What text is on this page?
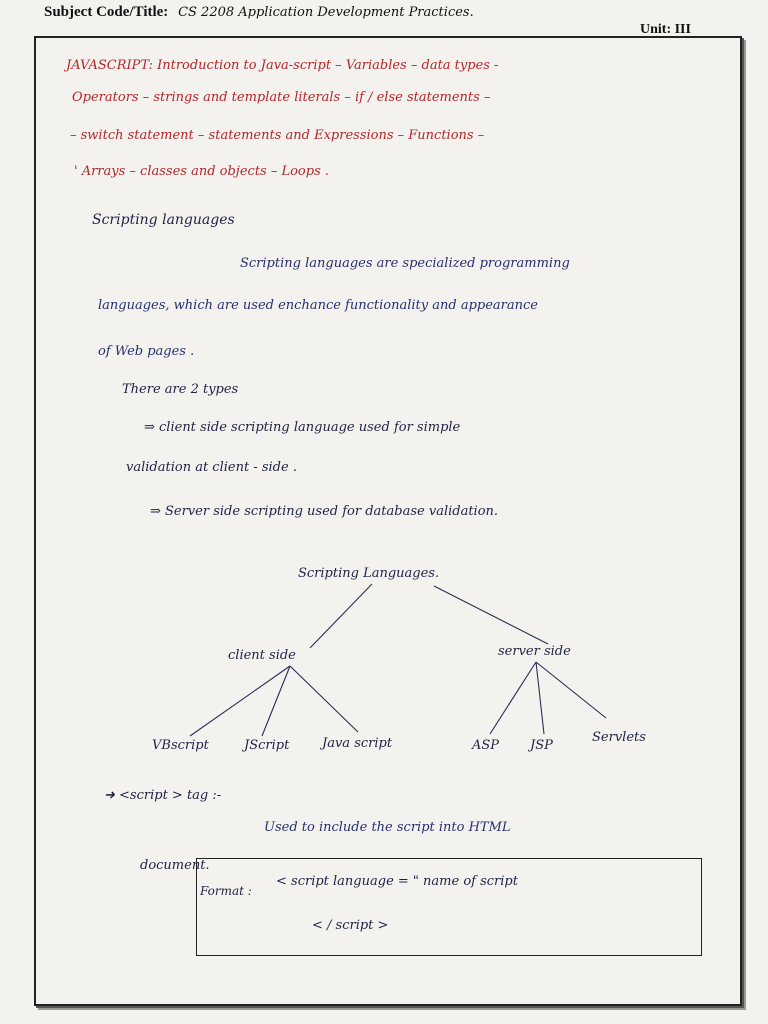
Subject Code/Title: CS 2208 Application Development Practices.
Unit: III
JAVASCRIPT: Introduction to Java-script – Variables – data types -
Operators – strings and template literals – if / else statements –
– switch statement – statements and Expressions – Functions –
' Arrays – classes and objects – Loops .
Scripting languages
Scripting languages are specialized programming
languages, which are used enchance functionality and appearance
of Web pages .
There are 2 types
⇒ client side scripting language used for simple
validation at client - side .
⇒ Server side scripting used for database validation.
Scripting Languages.
client side	server side
VBscript	JScript	Java script	ASP JSP
Servlets
➜ <script > tag :-
Used to include the script into HTML
document.
Format :
< script language = " name of script
< / script >
